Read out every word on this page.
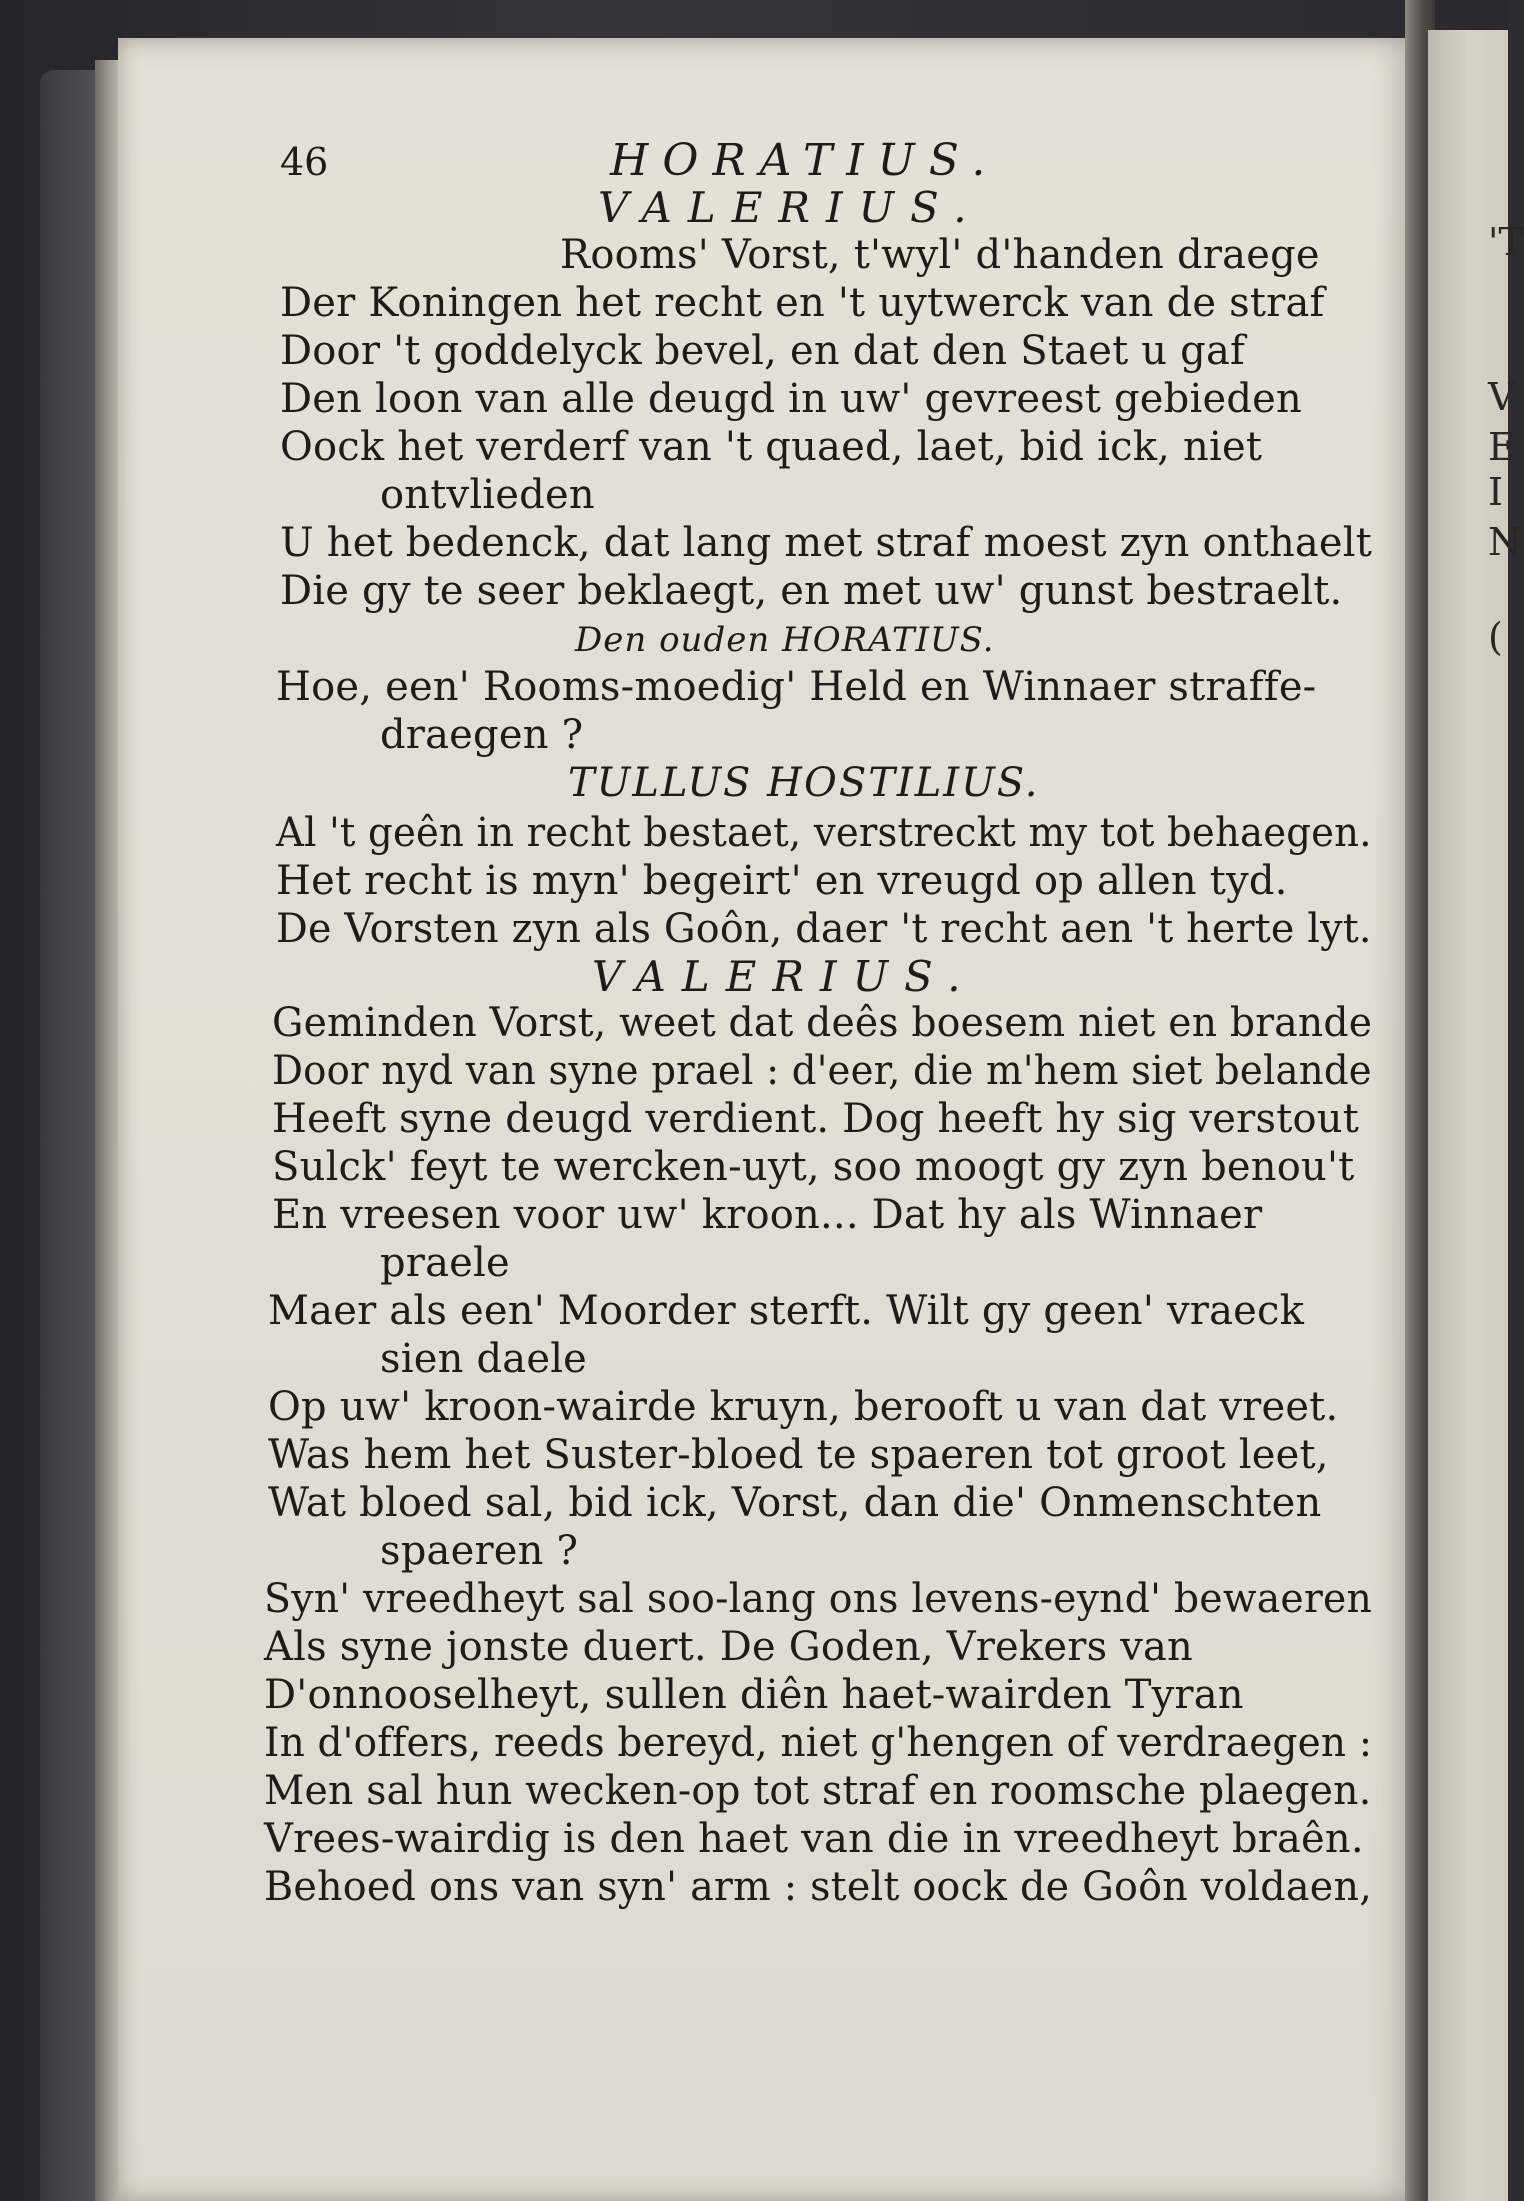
'T
V
E
I
N
(
46	HORATIUS.
VALERIUS.
Rooms' Vorst, t'wyl' d'handen draege
Der Koningen het recht en 't uytwerck van de straf
Door 't goddelyck bevel, en dat den Staet u gaf
Den loon van alle deugd in uw' gevreest gebieden
Oock het verderf van 't quaed, laet, bid ick, niet
ontvlieden
U het bedenck, dat lang met straf moest zyn onthaelt
Die gy te seer beklaegt, en met uw' gunst bestraelt.
Den ouden HORATIUS.
Hoe, een' Rooms-moedig' Held en Winnaer straffe-
draegen ?
TULLUS HOSTILIUS.
Al 't geên in recht bestaet, verstreckt my tot behaegen.
Het recht is myn' begeirt' en vreugd op allen tyd.
De Vorsten zyn als Goôn, daer 't recht aen 't herte lyt.
VALERIUS.
Geminden Vorst, weet dat deês boesem niet en brande
Door nyd van syne prael : d'eer, die m'hem siet belande
Heeft syne deugd verdient. Dog heeft hy sig verstout
Sulck' feyt te wercken-uyt, soo moogt gy zyn benou't
En vreesen voor uw' kroon... Dat hy als Winnaer
praele
Maer als een' Moorder sterft. Wilt gy geen' vraeck
sien daele
Op uw' kroon-wairde kruyn, berooft u van dat vreet.
Was hem het Suster-bloed te spaeren tot groot leet,
Wat bloed sal, bid ick, Vorst, dan die' Onmenschten
spaeren ?
Syn' vreedheyt sal soo-lang ons levens-eynd' bewaeren
Als syne jonste duert. De Goden, Vrekers van
D'onnooselheyt, sullen diên haet-wairden Tyran
In d'offers, reeds bereyd, niet g'hengen of verdraegen :
Men sal hun wecken-op tot straf en roomsche plaegen.
Vrees-wairdig is den haet van die in vreedheyt braên.
Behoed ons van syn' arm : stelt oock de Goôn voldaen,
